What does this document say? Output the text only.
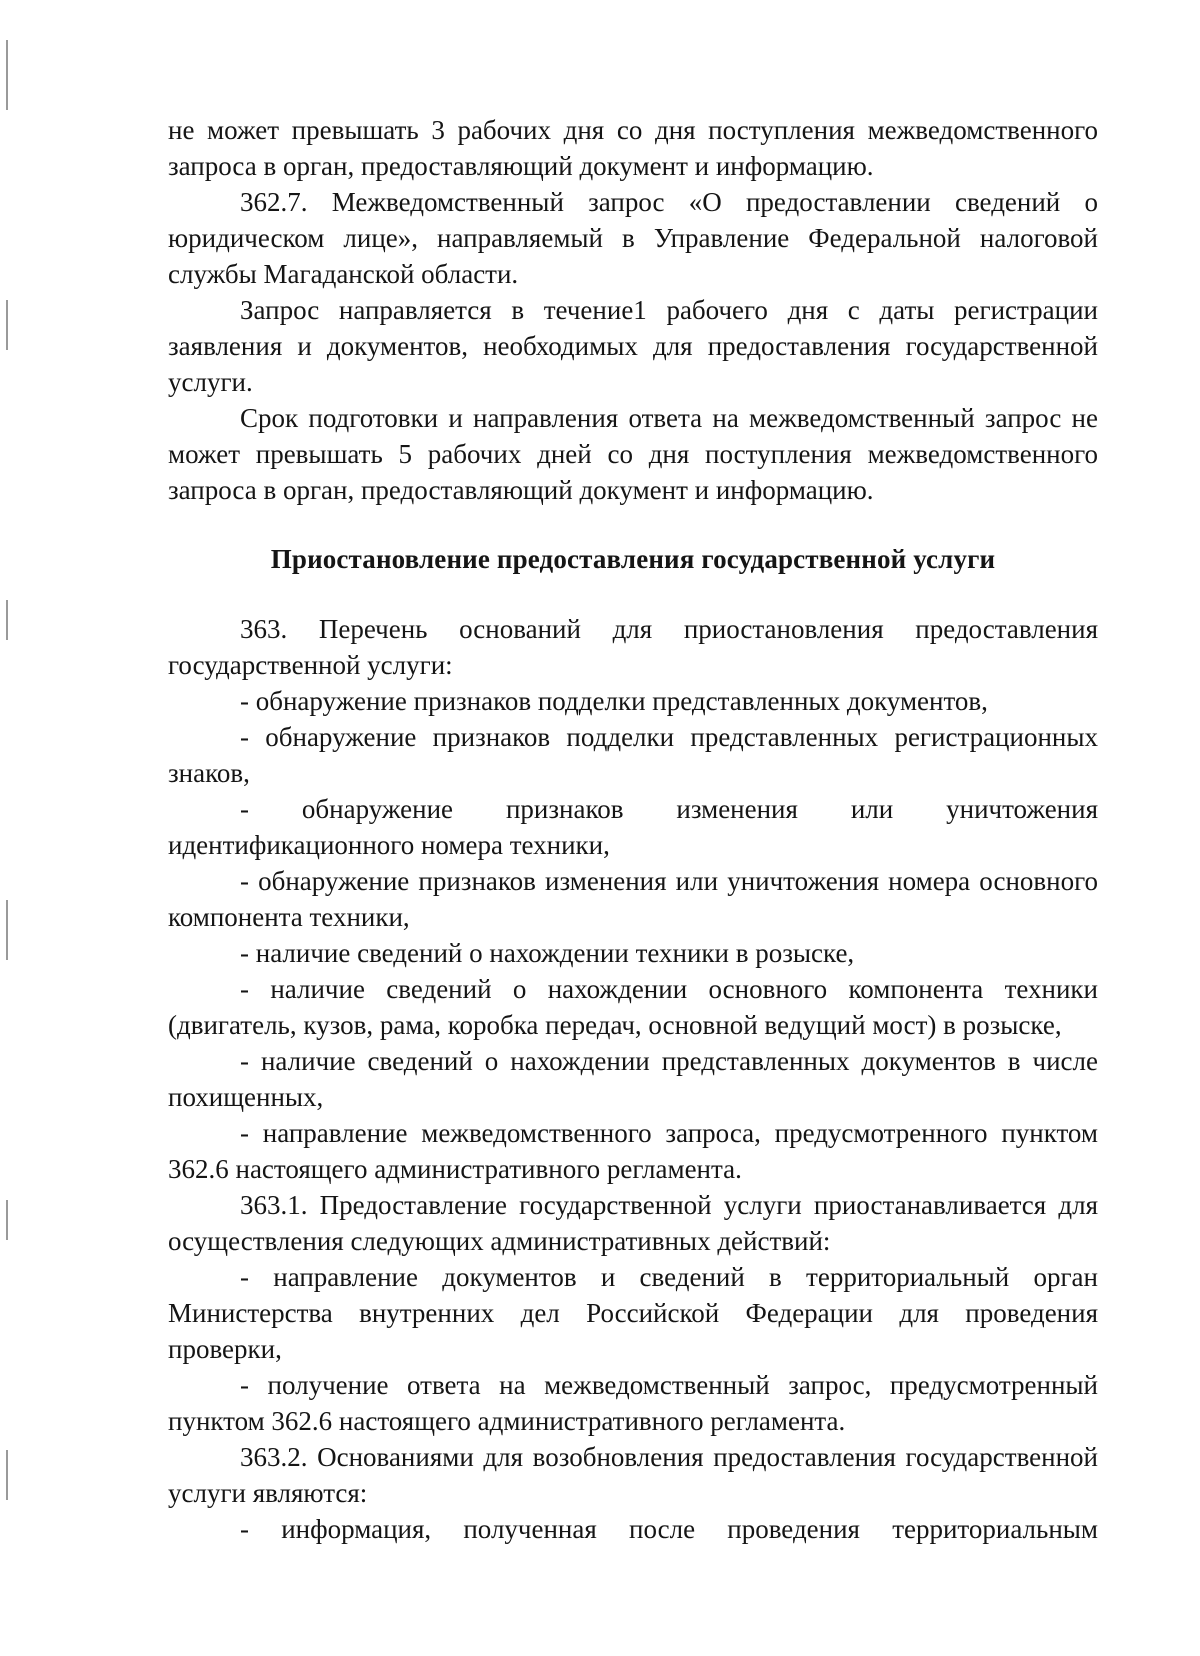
не может превышать 3 рабочих дня со дня поступления межведомственного запроса в орган, предоставляющий документ и информацию.

362.7. Межведомственный запрос «О предоставлении сведений о юридическом лице», направляемый в Управление Федеральной налоговой службы Магаданской области.

Запрос направляется в течение1 рабочего дня с даты регистрации заявления и документов, необходимых для предоставления государственной услуги.

Срок подготовки и направления ответа на межведомственный запрос не может превышать 5 рабочих дней со дня поступления межведомственного запроса в орган, предоставляющий документ и информацию.

Приостановление предоставления государственной услуги

363. Перечень оснований для приостановления предоставления государственной услуги:

- обнаружение признаков подделки представленных документов,

- обнаружение признаков подделки представленных регистрационных знаков,

- обнаружение признаков изменения или уничтожения идентификационного номера техники,

- обнаружение признаков изменения или уничтожения номера основного компонента техники,

- наличие сведений о нахождении техники в розыске,

- наличие сведений о нахождении основного компонента техники (двигатель, кузов, рама, коробка передач, основной ведущий мост) в розыске,

- наличие сведений о нахождении представленных документов в числе похищенных,

- направление межведомственного запроса, предусмотренного пунктом 362.6 настоящего административного регламента.

363.1. Предоставление государственной услуги приостанавливается для осуществления следующих административных действий:

- направление документов и сведений в территориальный орган Министерства внутренних дел Российской Федерации для проведения проверки,

- получение ответа на межведомственный запрос, предусмотренный пунктом 362.6 настоящего административного регламента.

363.2. Основаниями для возобновления предоставления государственной услуги являются:

- информация, полученная после проведения территориальным
